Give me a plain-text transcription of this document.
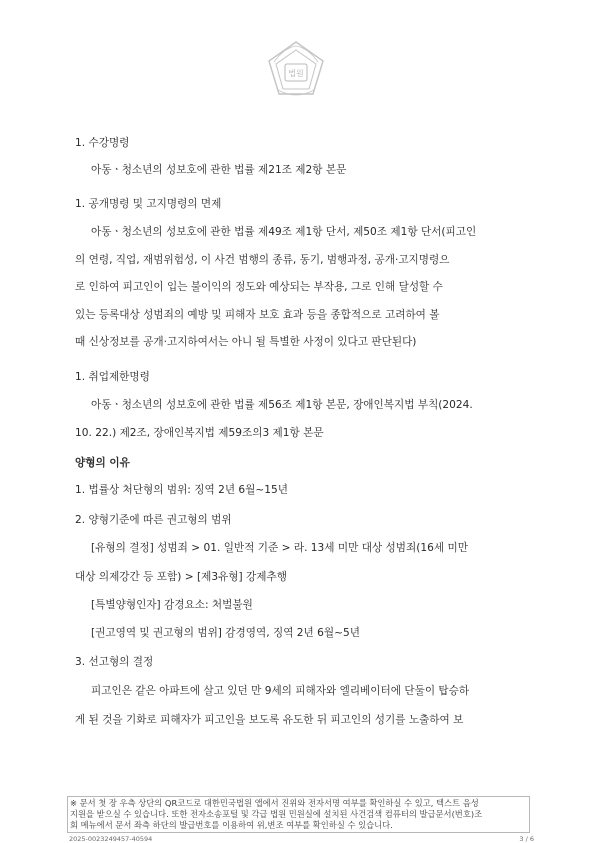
법원
1. 수강명령
아동ㆍ청소년의 성보호에 관한 법률 제21조 제2항 본문
1. 공개명령 및 고지명령의 면제
아동ㆍ청소년의 성보호에 관한 법률 제49조 제1항 단서, 제50조 제1항 단서(피고인
의 연령, 직업, 재범위험성, 이 사건 범행의 종류, 동기, 범행과정, 공개·고지명령으
로 인하여 피고인이 입는 불이익의 정도와 예상되는 부작용, 그로 인해 달성할 수
있는 등록대상 성범죄의 예방 및 피해자 보호 효과 등을 종합적으로 고려하여 볼
때 신상정보를 공개·고지하여서는 아니 될 특별한 사정이 있다고 판단된다)
1. 취업제한명령
아동ㆍ청소년의 성보호에 관한 법률 제56조 제1항 본문, 장애인복지법 부칙(2024.
10. 22.) 제2조, 장애인복지법 제59조의3 제1항 본문
양형의 이유
1. 법률상 처단형의 범위: 징역 2년 6월~15년
2. 양형기준에 따른 권고형의 범위
[유형의 결정] 성범죄 > 01. 일반적 기준 > 라. 13세 미만 대상 성범죄(16세 미만
대상 의제강간 등 포함) > [제3유형] 강제추행
[특별양형인자] 감경요소: 처벌불원
[권고영역 및 권고형의 범위] 감경영역, 징역 2년 6월~5년
3. 선고형의 결정
피고인은 같은 아파트에 살고 있던 만 9세의 피해자와 엘리베이터에 단둘이 탑승하
게 된 것을 기화로 피해자가 피고인을 보도록 유도한 뒤 피고인의 성기를 노출하여 보
※ 문서 첫 장 우측 상단의 QR코드로 대한민국법원 앱에서 진위와 전자서명 여부를 확인하실 수 있고, 텍스트 음성
지원을 받으실 수 있습니다. 또한 전자소송포털 및 각급 법원 민원실에 설치된 사건검색 컴퓨터의 발급문서(번호)조
회 메뉴에서 문서 좌측 하단의 발급번호를 이용하여 위,변조 여부를 확인하실 수 있습니다.
2025-0023249457-40594	3 / 6
